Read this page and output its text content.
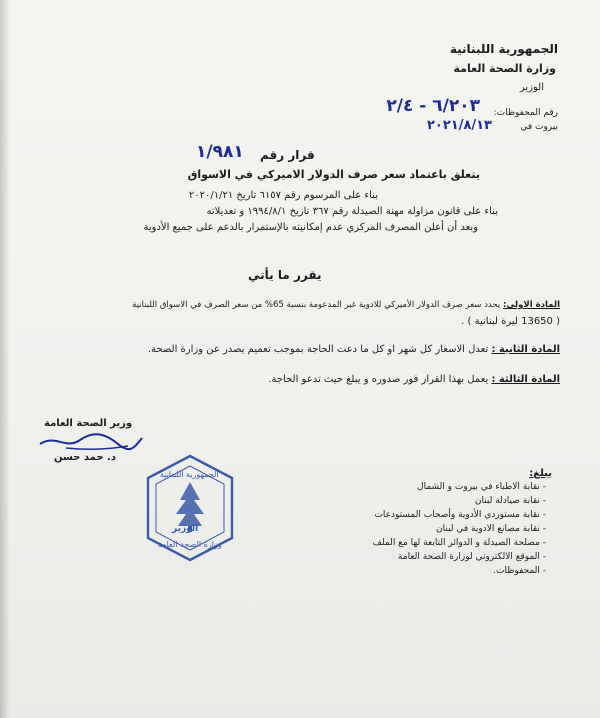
الجمهورية اللبنانية
وزارة الصحة العامة
الوزير
رقم المحفوظات:
٦/٢٠٣ - ٢/٤
بيروت في
٢٠٢١/٨/١٣
قرار رقم
١/٩٨١
يتعلق باعتماد سعر صرف الدولار الاميركي في الاسواق
بناء على المرسوم رقم ٦١٥٧ تاريخ ٢٠٢٠/١/٢١
بناء على قانون مزاولة مهنة الصيدلة رقم ٣٦٧ تاريخ ١٩٩٤/٨/١ و تعديلاته
وبعد أن أعلن المصرف المركزي عدم إمكانيته بالإستمرار بالدعم على جميع الأدوية
يقرر ما يأتي
المادة الاولى: يحدد سعر صرف الدولار الأميركي للادوية غير المدعومة بنسبة 65% من سعر الصرف في الاسواق اللبنانية
( 13650 ليرة لبنانية ) .
المادة الثانية : تعدل الاسعار كل شهر او كل ما دعت الحاجة بموجب تعميم يصدر عن وزارة الصحة.
المادة الثالثة : يعمل بهذا القرار فور صدوره و يبلغ حيث تدعو الحاجة.
وزير الصحة العامة
د. حمد حسن
الجمهورية اللبنانية
الوزير
وزارة الصحة العامة
يبلغ:
- نقابة الاطباء في بيروت و الشمال
- نقابة صيادلة لبنان
- نقابة مستوردي الأدوية وأصحاب المستودعات
- نقابة مصانع الادوية في لبنان
- مصلحة الصيدلة و الدوائر التابعة لها مع الملف
- الموقع الالكتروني لوزارة الصحة العامة
- المحفوظات.
